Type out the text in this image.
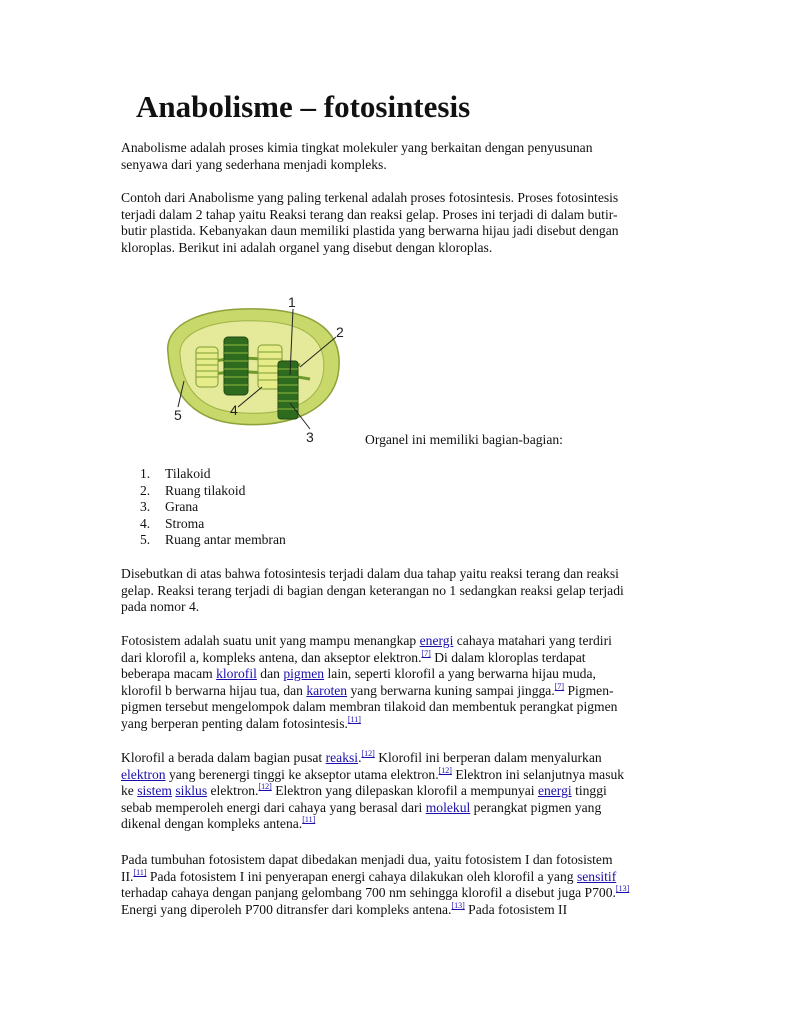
Anabolisme – fotosintesis

Anabolisme adalah proses kimia tingkat molekuler yang berkaitan dengan penyusunan
senyawa dari yang sederhana menjadi kompleks.

Contoh dari Anabolisme yang paling terkenal adalah proses fotosintesis. Proses fotosintesis
terjadi dalam 2 tahap yaitu Reaksi terang dan reaksi gelap. Proses ini terjadi di dalam butir-
butir plastida. Kebanyakan daun memiliki plastida yang berwarna hijau jadi disebut dengan
kloroplas. Berikut ini adalah organel yang disebut dengan kloroplas.

1
2
3
4
5
Organel ini memiliki bagian-bagian:
1. Tilakoid
2. Ruang tilakoid
3. Grana
4. Stroma
5. Ruang antar membran

Disebutkan di atas bahwa fotosintesis terjadi dalam dua tahap yaitu reaksi terang dan reaksi
gelap. Reaksi terang terjadi di bagian dengan keterangan no 1 sedangkan reaksi gelap terjadi
pada nomor 4.

Fotosistem adalah suatu unit yang mampu menangkap energi cahaya matahari yang terdiri
dari klorofil a, kompleks antena, dan akseptor elektron.[7] Di dalam kloroplas terdapat
beberapa macam klorofil dan pigmen lain, seperti klorofil a yang berwarna hijau muda,
klorofil b berwarna hijau tua, dan karoten yang berwarna kuning sampai jingga.[7] Pigmen-
pigmen tersebut mengelompok dalam membran tilakoid dan membentuk perangkat pigmen
yang berperan penting dalam fotosintesis.[11]

Klorofil a berada dalam bagian pusat reaksi.[12] Klorofil ini berperan dalam menyalurkan
elektron yang berenergi tinggi ke akseptor utama elektron.[12] Elektron ini selanjutnya masuk
ke sistem siklus elektron.[12] Elektron yang dilepaskan klorofil a mempunyai energi tinggi
sebab memperoleh energi dari cahaya yang berasal dari molekul perangkat pigmen yang
dikenal dengan kompleks antena.[11]

Pada tumbuhan fotosistem dapat dibedakan menjadi dua, yaitu fotosistem I dan fotosistem
II.[11] Pada fotosistem I ini penyerapan energi cahaya dilakukan oleh klorofil a yang sensitif
terhadap cahaya dengan panjang gelombang 700 nm sehingga klorofil a disebut juga P700.[13]
Energi yang diperoleh P700 ditransfer dari kompleks antena.[13] Pada fotosistem II
